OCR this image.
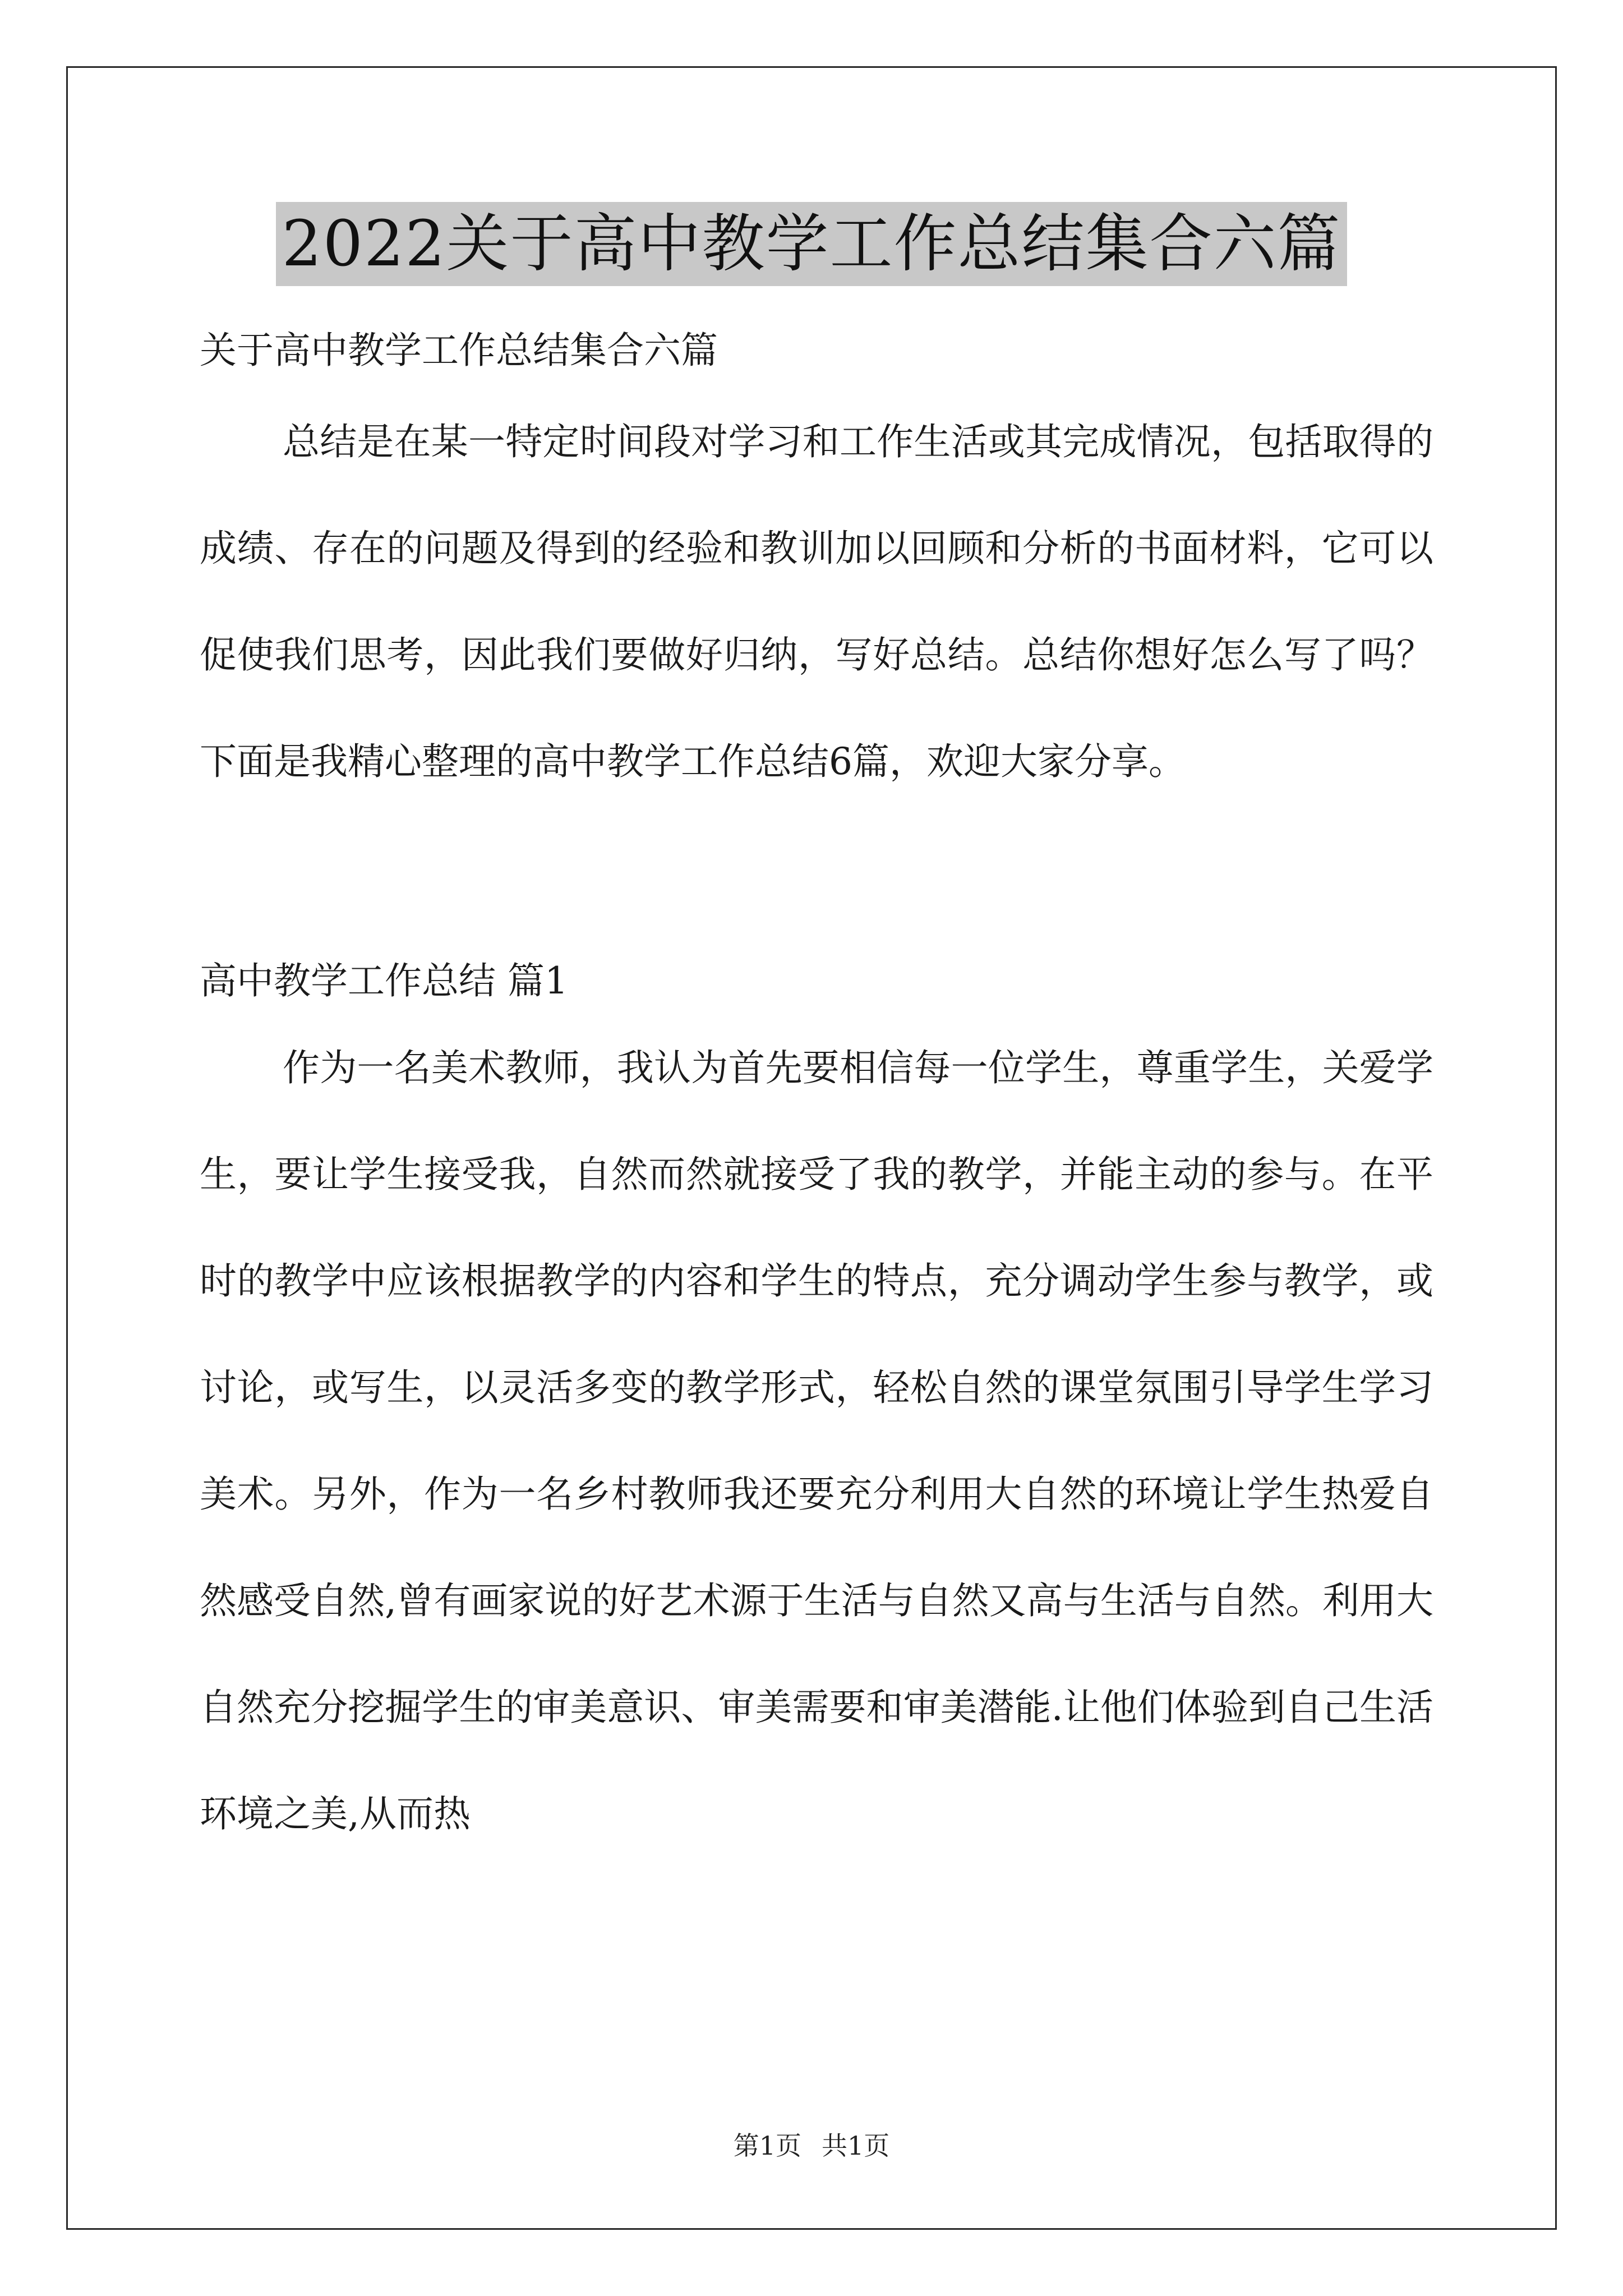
2022关于高中教学工作总结集合六篇
关于高中教学工作总结集合六篇

总结是在某一特定时间段对学习和工作生活或其完成情况，包括取得的成绩、存在的问题及得到的经验和教训加以回顾和分析的书面材料，它可以促使我们思考，因此我们要做好归纳，写好总结。总结你想好怎么写了吗？下面是我精心整理的高中教学工作总结6篇，欢迎大家分享。

高中教学工作总结 篇1

作为一名美术教师，我认为首先要相信每一位学生，尊重学生，关爱学生，要让学生接受我，自然而然就接受了我的教学，并能主动的参与。在平时的教学中应该根据教学的内容和学生的特点，充分调动学生参与教学，或讨论，或写生，以灵活多变的教学形式，轻松自然的课堂氛围引导学生学习美术。另外，作为一名乡村教师我还要充分利用大自然的环境让学生热爱自然感受自然,曾有画家说的好艺术源于生活与自然又高与生活与自然。利用大自然充分挖掘学生的审美意识、审美需要和审美潜能.让他们体验到自己生活环境之美,从而热

第1页 共1页
